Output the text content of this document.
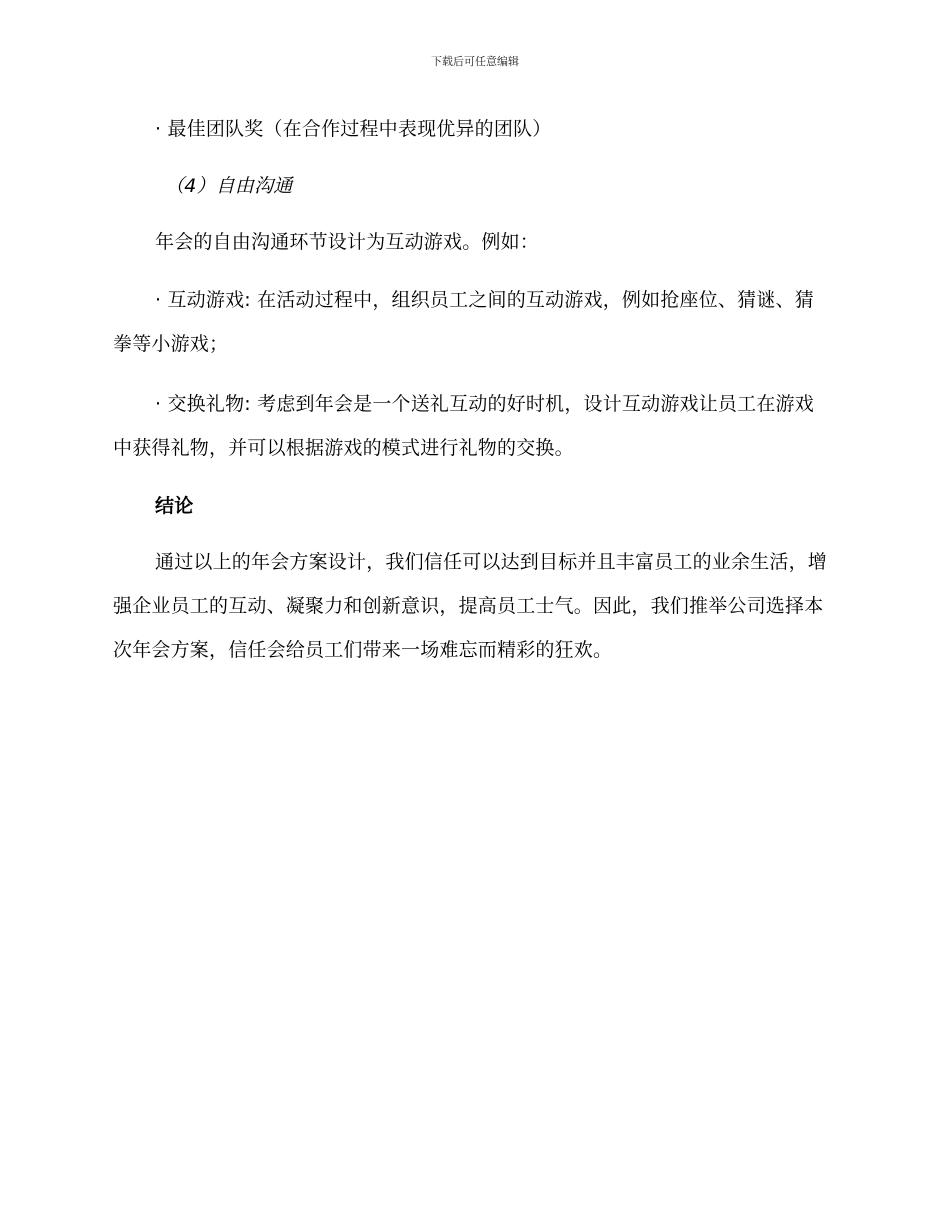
下载后可任意编辑
· 最佳团队奖（在合作过程中表现优异的团队）
（4）自由沟通
年会的自由沟通环节设计为互动游戏。例如：
· 互动游戏: 在活动过程中，组织员工之间的互动游戏，例如抢座位、猜谜、猜拳等小游戏；
· 交换礼物: 考虑到年会是一个送礼互动的好时机，设计互动游戏让员工在游戏中获得礼物，并可以根据游戏的模式进行礼物的交换。
结论
通过以上的年会方案设计，我们信任可以达到目标并且丰富员工的业余生活，增强企业员工的互动、凝聚力和创新意识，提高员工士气。因此，我们推举公司选择本次年会方案，信任会给员工们带来一场难忘而精彩的狂欢。
